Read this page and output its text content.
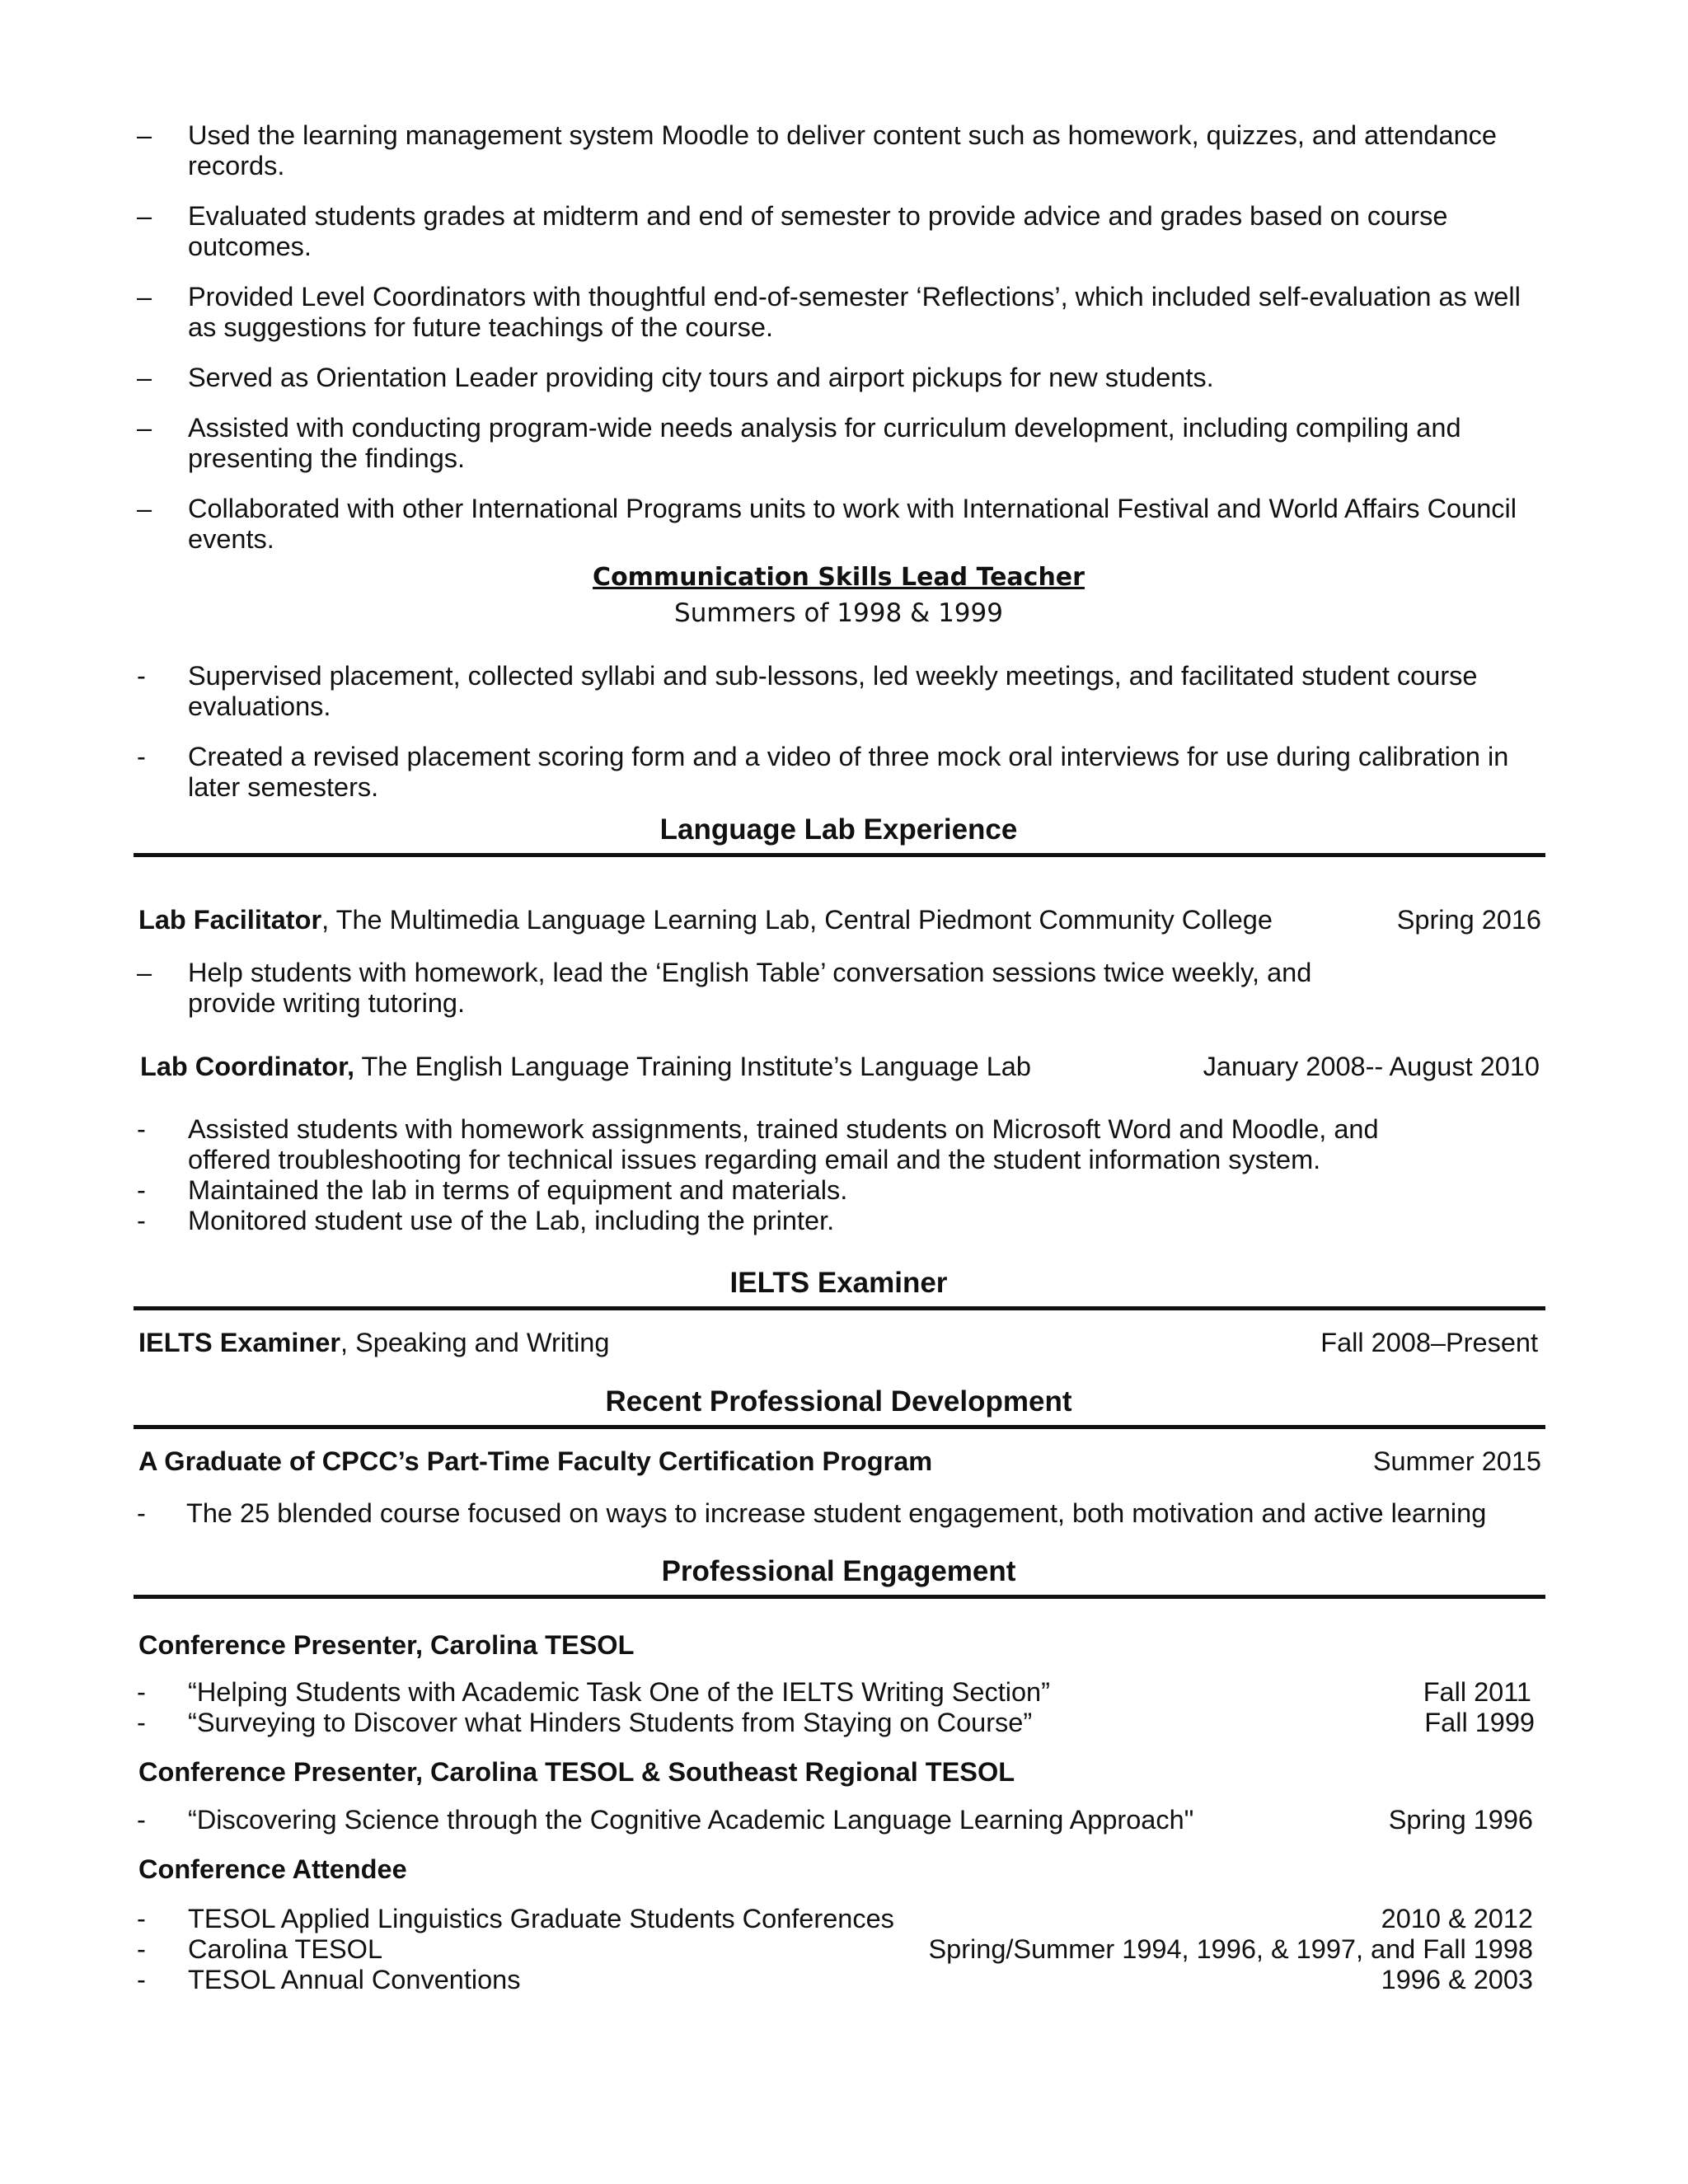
– Used the learning management system Moodle to deliver content such as homework, quizzes, and attendance records.
– Evaluated students grades at midterm and end of semester to provide advice and grades based on course outcomes.
– Provided Level Coordinators with thoughtful end-of-semester ‘Reflections’, which included self-evaluation as well as suggestions for future teachings of the course.
– Served as Orientation Leader providing city tours and airport pickups for new students.
– Assisted with conducting program-wide needs analysis for curriculum development, including compiling and presenting the findings.
– Collaborated with other International Programs units to work with International Festival and World Affairs Council events.
Communication Skills Lead Teacher
Summers of 1998 & 1999
- Supervised placement, collected syllabi and sub-lessons, led weekly meetings, and facilitated student course evaluations.
- Created a revised placement scoring form and a video of three mock oral interviews for use during calibration in later semesters.
Language Lab Experience
Lab Facilitator, The Multimedia Language Learning Lab, Central Piedmont Community College	Spring 2016
– Help students with homework, lead the ‘English Table’ conversation sessions twice weekly, and provide writing tutoring.
Lab Coordinator, The English Language Training Institute’s Language Lab	January 2008-- August 2010
- Assisted students with homework assignments, trained students on Microsoft Word and Moodle, and offered troubleshooting for technical issues regarding email and the student information system.
- Maintained the lab in terms of equipment and materials.
- Monitored student use of the Lab, including the printer.
IELTS Examiner
IELTS Examiner, Speaking and Writing	Fall 2008–Present
Recent Professional Development
A Graduate of CPCC’s Part-Time Faculty Certification Program	Summer 2015
- The 25 blended course focused on ways to increase student engagement, both motivation and active learning
Professional Engagement
Conference Presenter, Carolina TESOL
- “Helping Students with Academic Task One of the IELTS Writing Section”	Fall 2011
- “Surveying to Discover what Hinders Students from Staying on Course”	Fall 1999
Conference Presenter, Carolina TESOL & Southeast Regional TESOL
- “Discovering Science through the Cognitive Academic Language Learning Approach"	Spring 1996
Conference Attendee
- TESOL Applied Linguistics Graduate Students Conferences	2010 & 2012
- Carolina TESOL	Spring/Summer 1994, 1996, & 1997, and Fall 1998
- TESOL Annual Conventions	1996 & 2003
